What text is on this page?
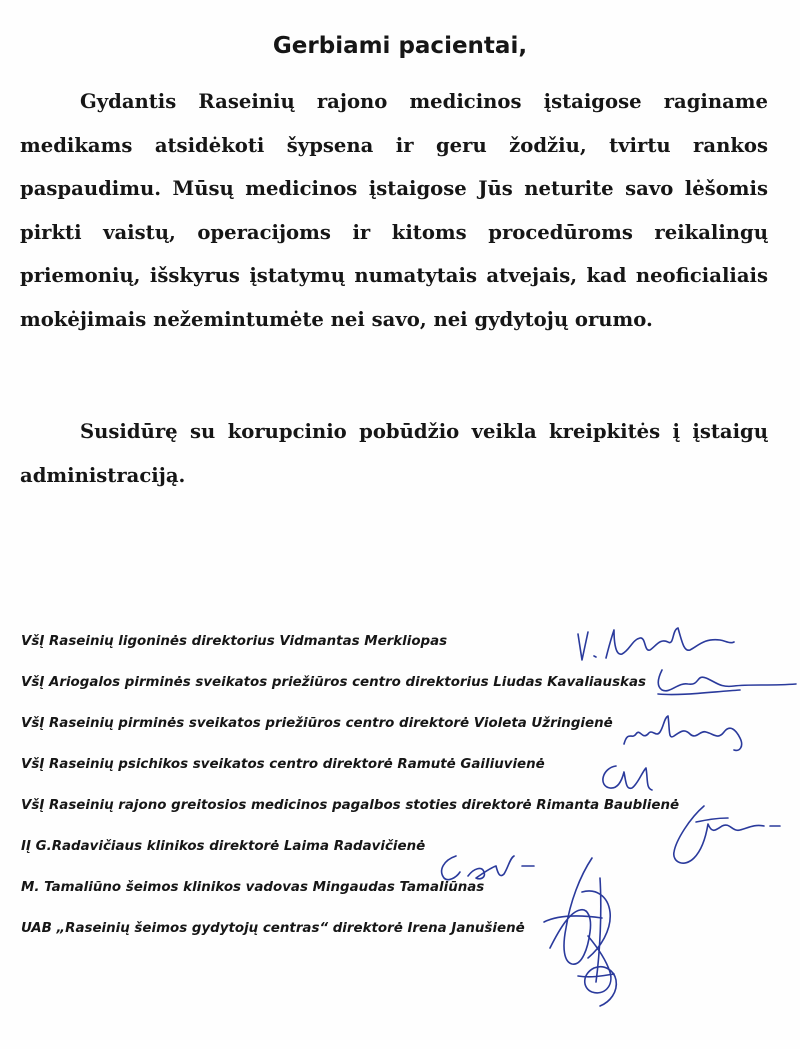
Gerbiami pacientai,

Gydantis Raseinių rajono medicinos įstaigose raginame medikams atsidėkoti šypsena ir geru žodžiu, tvirtu rankos paspaudimu. Mūsų medicinos įstaigose Jūs neturite savo lėšomis pirkti vaistų, operacijoms ir kitoms procedūroms reikalingų priemonių, išskyrus įstatymų numatytais atvejais, kad neoficialiais mokėjimais nežemintumėte nei savo, nei gydytojų orumo.

Susidūrę su korupcinio pobūdžio veikla kreipkitės į įstaigų administraciją.

VšĮ Raseinių ligoninės direktorius Vidmantas Merkliopas
VšĮ Ariogalos pirminės sveikatos priežiūros centro direktorius Liudas Kavaliauskas
VšĮ Raseinių pirminės sveikatos priežiūros centro direktorė Violeta Užringienė
VšĮ Raseinių psichikos sveikatos centro direktorė Ramutė Gailiuvienė
VšĮ Raseinių rajono greitosios medicinos pagalbos stoties direktorė Rimanta Baublienė
IĮ G.Radavičiaus klinikos direktorė Laima Radavičienė
M. Tamaliūno šeimos klinikos vadovas Mingaudas Tamaliūnas
UAB „Raseinių šeimos gydytojų centras“ direktorė Irena Janušienė
